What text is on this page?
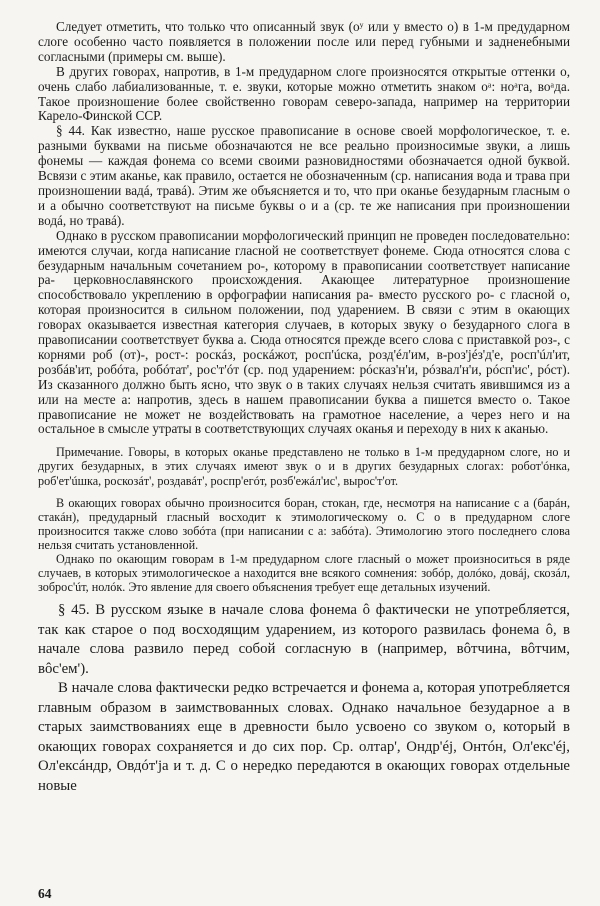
Следует отметить, что только что описанный звук (оʸ или у вместо о) в 1-м предударном слоге особенно часто появляется в положении после или перед губными и задненебными согласными (примеры см. выше).

В других говорах, напротив, в 1-м предударном слоге произносятся открытые оттенки о, очень слабо лабиализованные, т. е. звуки, которые можно отметить знаком оᵃ: ноᵃга, воᵃда. Такое произношение более свойственно говорам северо-запада, например на территории Карело-Финской ССР.

§ 44. Как известно, наше русское правописание в основе своей морфологическое, т. е. разными буквами на письме обозначаются не все реально произносимые звуки, а лишь фонемы — каждая фонема со всеми своими разновидностями обозначается одной буквой. Вcвязи с этим аканье, как правило, остается не обозначенным (ср. написания вода и трава при произношении вадá, травá). Этим же объясняется и то, что при оканье безударным гласным о и а обычно соответствуют на письме буквы о и а (ср. те же написания при произношении водá, но травá).

Однако в русском правописании морфологический принцип не проведен последовательно: имеются случаи, когда написание гласной не соответствует фонеме. Сюда относятся слова с безударным начальным сочетанием ро-, которому в правописании соответствует написание ра- церковнославянского происхождения. Акающее литературное произношение способствовало укреплению в орфографии написания ра- вместо русского ро- с гласной о, которая произносится в сильном положении, под ударением. В связи с этим в окающих говорах оказывается известная категория случаев, в которых звуку о безударного слога в правописании соответствует буква а. Сюда относятся прежде всего слова с приставкой роз-, с корнями роб (от)-, рост-: роскáз, роскáжот, росп'úска, розд'éл'им, в-роз'jéз'д'е, росп'úл'ит, розбáв'ит, робóта, робóтат', рос'т'óт (ср. под ударением: рóсказ'н'и, рóзвал'н'и, рóсп'ис', рóст). Из сказанного должно быть ясно, что звук о в таких случаях нельзя считать явившимся из а или на месте а: напротив, здесь в нашем правописании буква а пишется вместо о. Такое правописание не может не воздействовать на грамотное население, а через него и на остальное в смысле утраты в соответствующих случаях оканья и переходу в них к аканью.

Примечание. Говоры, в которых оканье представлено не только в 1-м предударном слоге, но и других безударных, в этих случаях имеют звук о и в других безударных слогах: робот'óнка, роб'ет'úшка, роскозáт', роздавáт', роспр'егóт, розб'ежáл'ис', выроc'т'от.

В окающих говорах обычно произносится боран, стокан, где, несмотря на написание с а (барáн, стакáн), предударный гласный восходит к этимологическому о. С о в предударном слоге произносится также слово зобóта (при написании с а: забóта). Этимологию этого последнего слова нельзя считать установленной.

Однако по окающим говорам в 1-м предударном слоге гласный о может произноситься в ряде случаев, в которых этимологическое а находится вне всякого сомнения: зобóр, долóко, довáj, скозáл, зоброс'úт, нолóк. Это явление для своего объяснения требует еще детальных изучений.

§ 45. В русском языке в начале слова фонема ô фактически не употребляется, так как старое о под восходящим ударением, из которого развилась фонема ô, в начале слова развило перед собой согласную в (например, вôтчина, вôтчим, вôс'ем').

В начале слова фактически редко встречается и фонема а, которая употребляется главным образом в заимствованных словах. Однако начальное безударное а в старых заимствованиях еще в древности было усвоено со звуком о, который в окающих говорах сохраняется и до сих пор. Ср. олтар', Ондр'éj, Онтóн, Ол'екс'éj, Ол'ексáндр, Овдóт'jа и т. д. С о нередко передаются в окающих говорах отдельные новые

64
